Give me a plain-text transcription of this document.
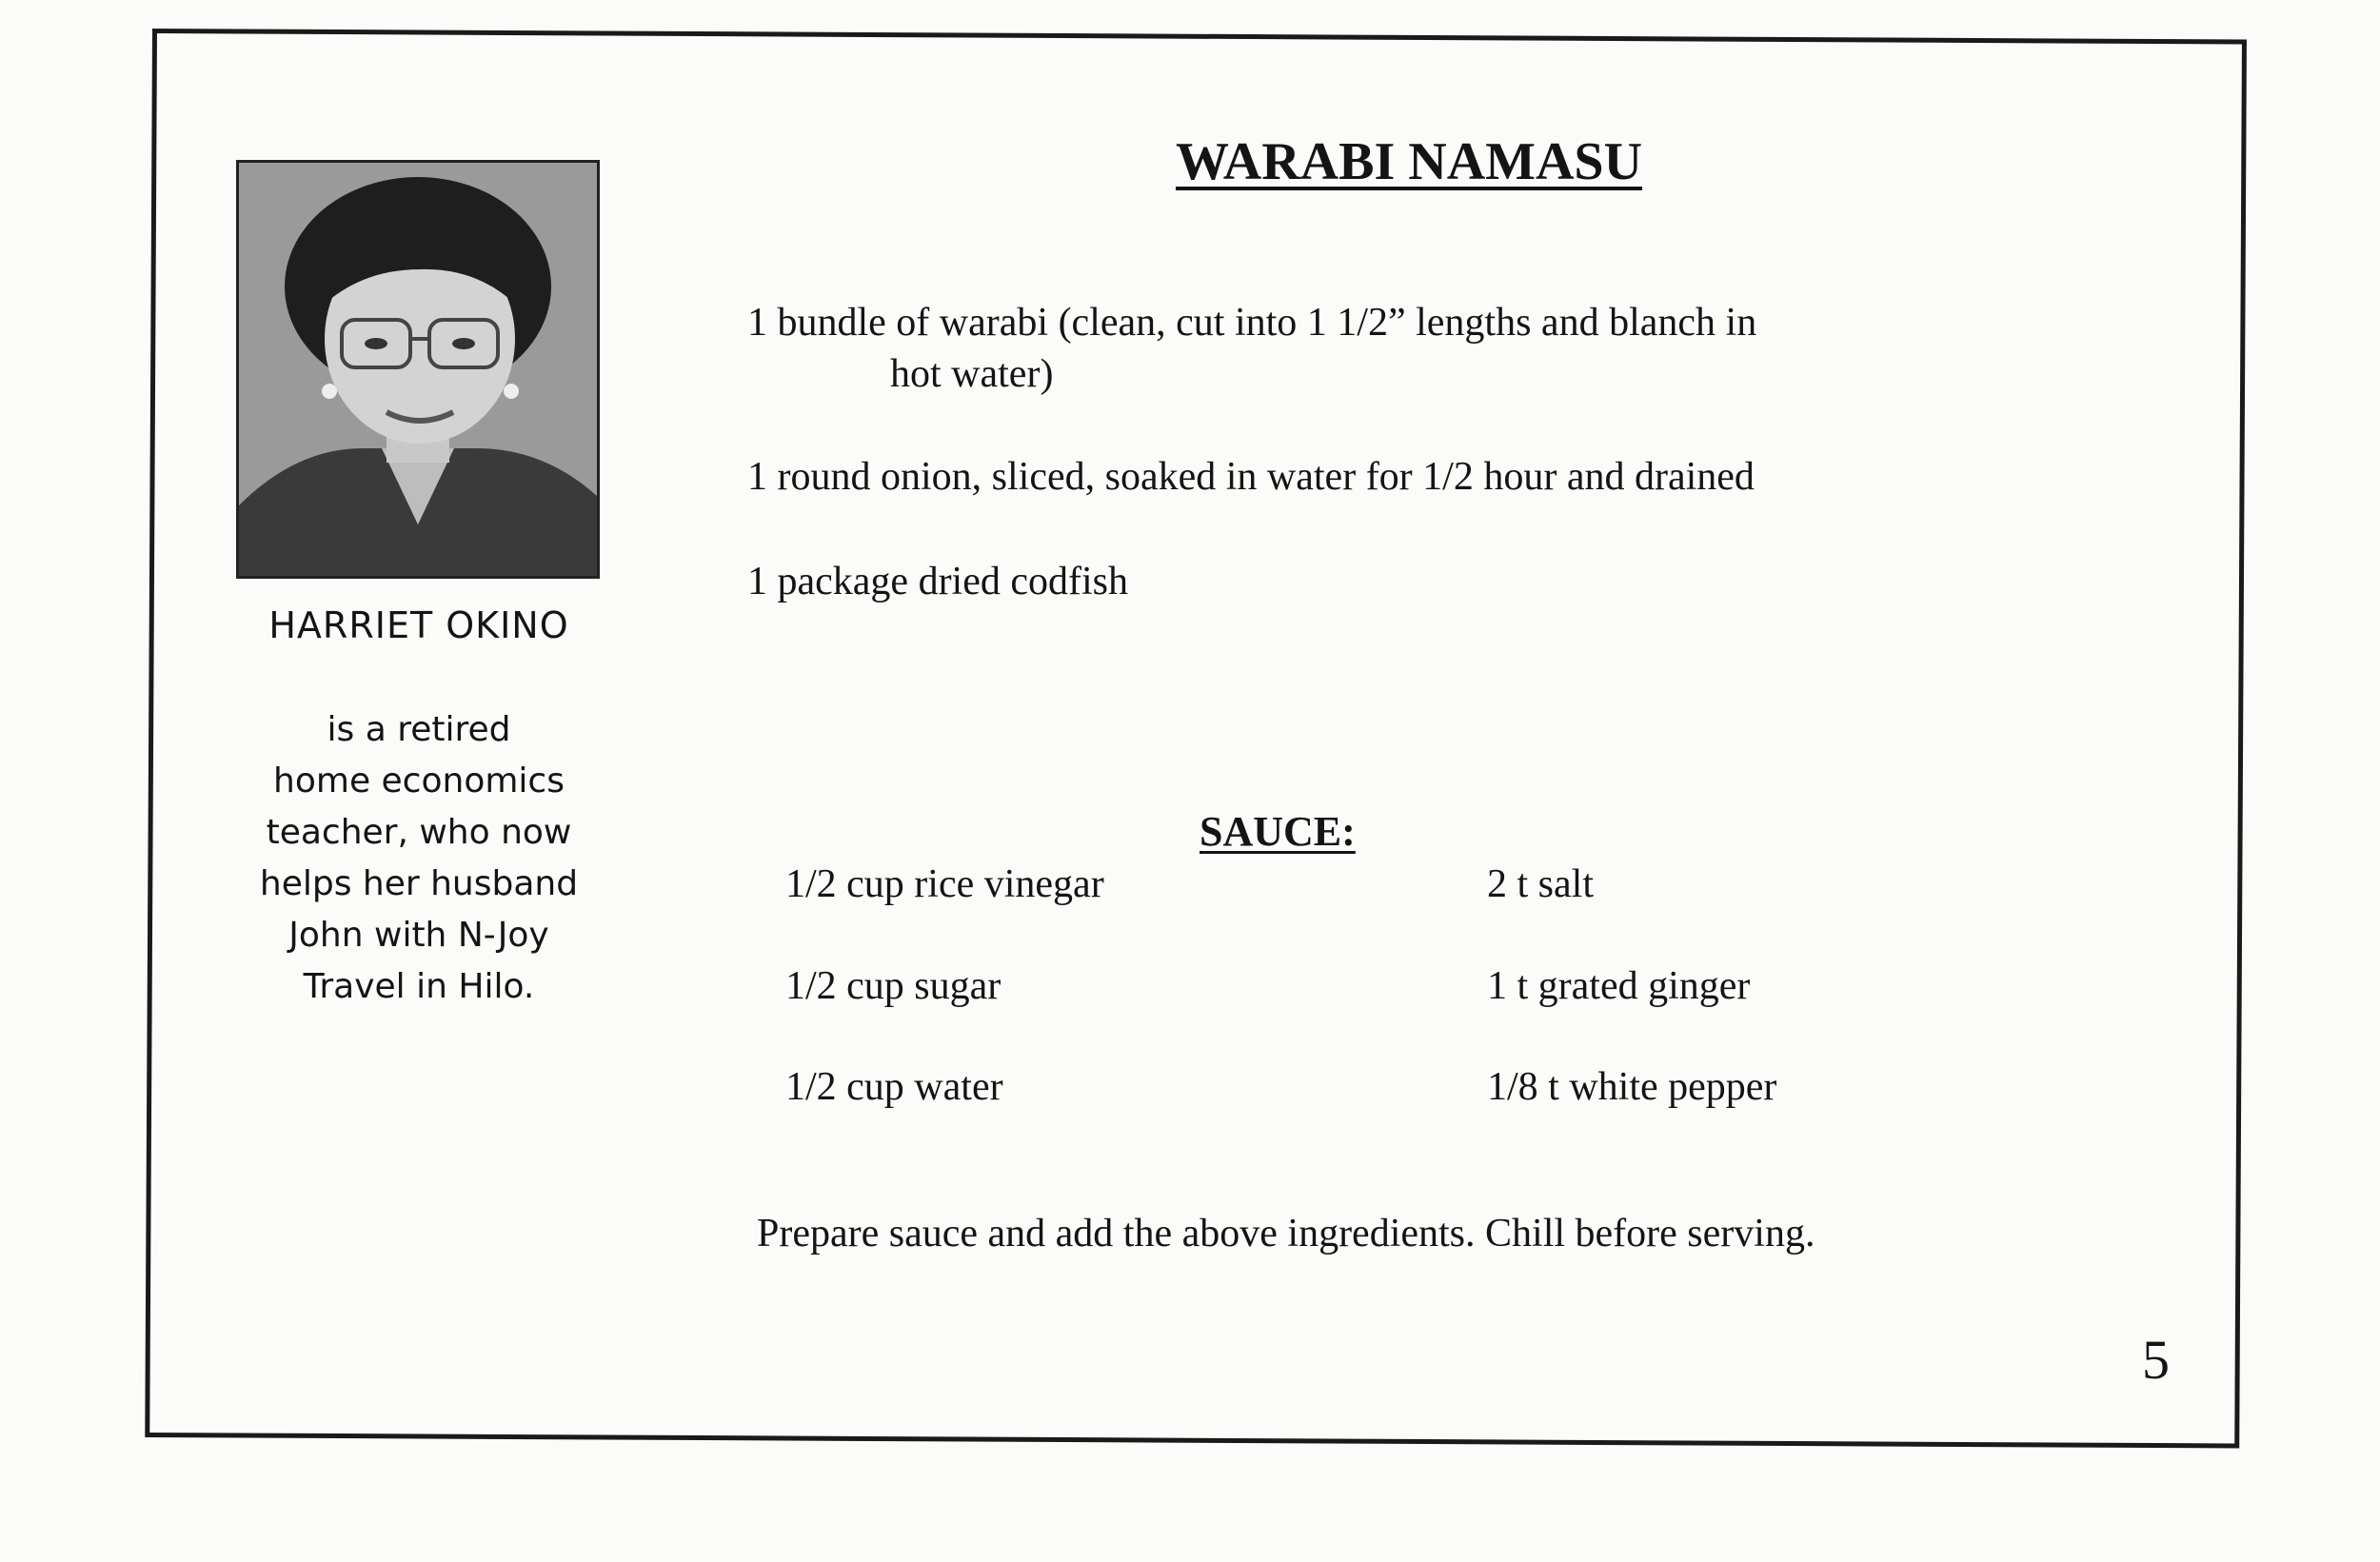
HARRIET OKINO
is a retired
home economics
teacher, who now
helps her husband
John with N-Joy
Travel in Hilo.
WARABI NAMASU
1 bundle of warabi (clean, cut into 1 1/2” lengths and blanch in
hot water)
1 round onion, sliced, soaked in water for 1/2 hour and drained
1 package dried codfish
SAUCE:
1/2 cup rice vinegar
1/2 cup sugar
1/2 cup water
2 t salt
1 t grated ginger
1/8 t white pepper
Prepare sauce and add the above ingredients. Chill before serving.
5
